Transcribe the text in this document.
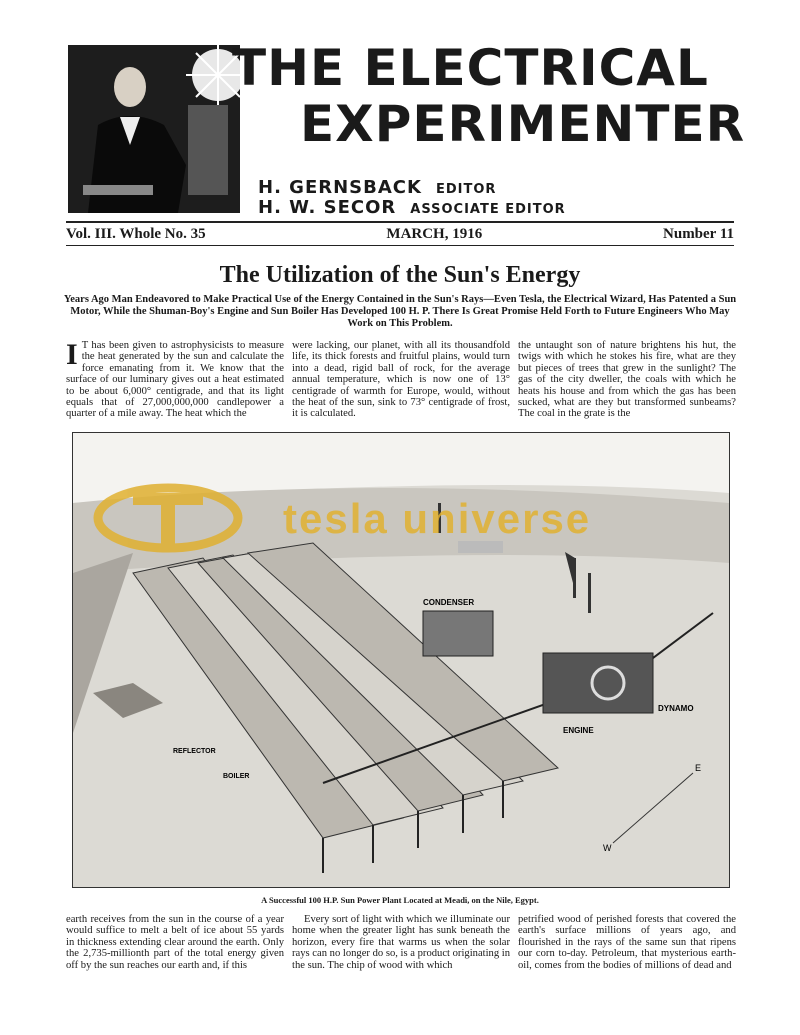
THE ELECTRICAL
EXPERIMENTER
H. GERNSBACK EDITOR
H. W. SECOR ASSOCIATE EDITOR
Vol. III. Whole No. 35	MARCH, 1916	Number 11
The Utilization of the Sun's Energy
Years Ago Man Endeavored to Make Practical Use of the Energy Contained in the Sun's Rays—Even Tesla, the Electrical Wizard, Has Patented a Sun Motor, While the Shuman-Boy's Engine and Sun Boiler Has Developed 100 H. P. There Is Great Promise Held Forth to Future Engineers Who May Work on This Problem.
I T has been given to astrophysicists to measure the heat generated by the sun and calculate the force emanating from it. We know that the surface of our luminary gives out a heat estimated to be about 6,000° centigrade, and that its light equals that of 27,000,000,000 candlepower a quarter of a mile away. The heat which the

were lacking, our planet, with all its thousandfold life, its thick forests and fruitful plains, would turn into a dead, rigid ball of rock, for the average annual temperature, which is now one of 13° centigrade of warmth for Europe, would, without the heat of the sun, sink to 73° centigrade of frost, it is calculated.

the untaught son of nature brightens his hut, the twigs with which he stokes his fire, what are they but pieces of trees that grew in the sunlight? The gas of the city dweller, the coals with which he heats his house and from which the gas has been sucked, what are they but transformed sunbeams? The coal in the grate is the

CONDENSER
DYNAMO
ENGINE
REFLECTOR
BOILER
E
W
tesla universe
A Successful 100 H.P. Sun Power Plant Located at Meadi, on the Nile, Egypt.

earth receives from the sun in the course of a year would suffice to melt a belt of ice about 55 yards in thickness extending clear around the earth. Only the 2,735-millionth part of the total energy given off by the sun reaches our earth and, if this

Every sort of light with which we illuminate our home when the greater light has sunk beneath the horizon, every fire that warms us when the solar rays can no longer do so, is a product originating in the sun. The chip of wood with which

petrified wood of perished forests that covered the earth's surface millions of years ago, and flourished in the rays of the same sun that ripens our corn to-day. Petroleum, that mysterious earth-oil, comes from the bodies of millions of dead and
